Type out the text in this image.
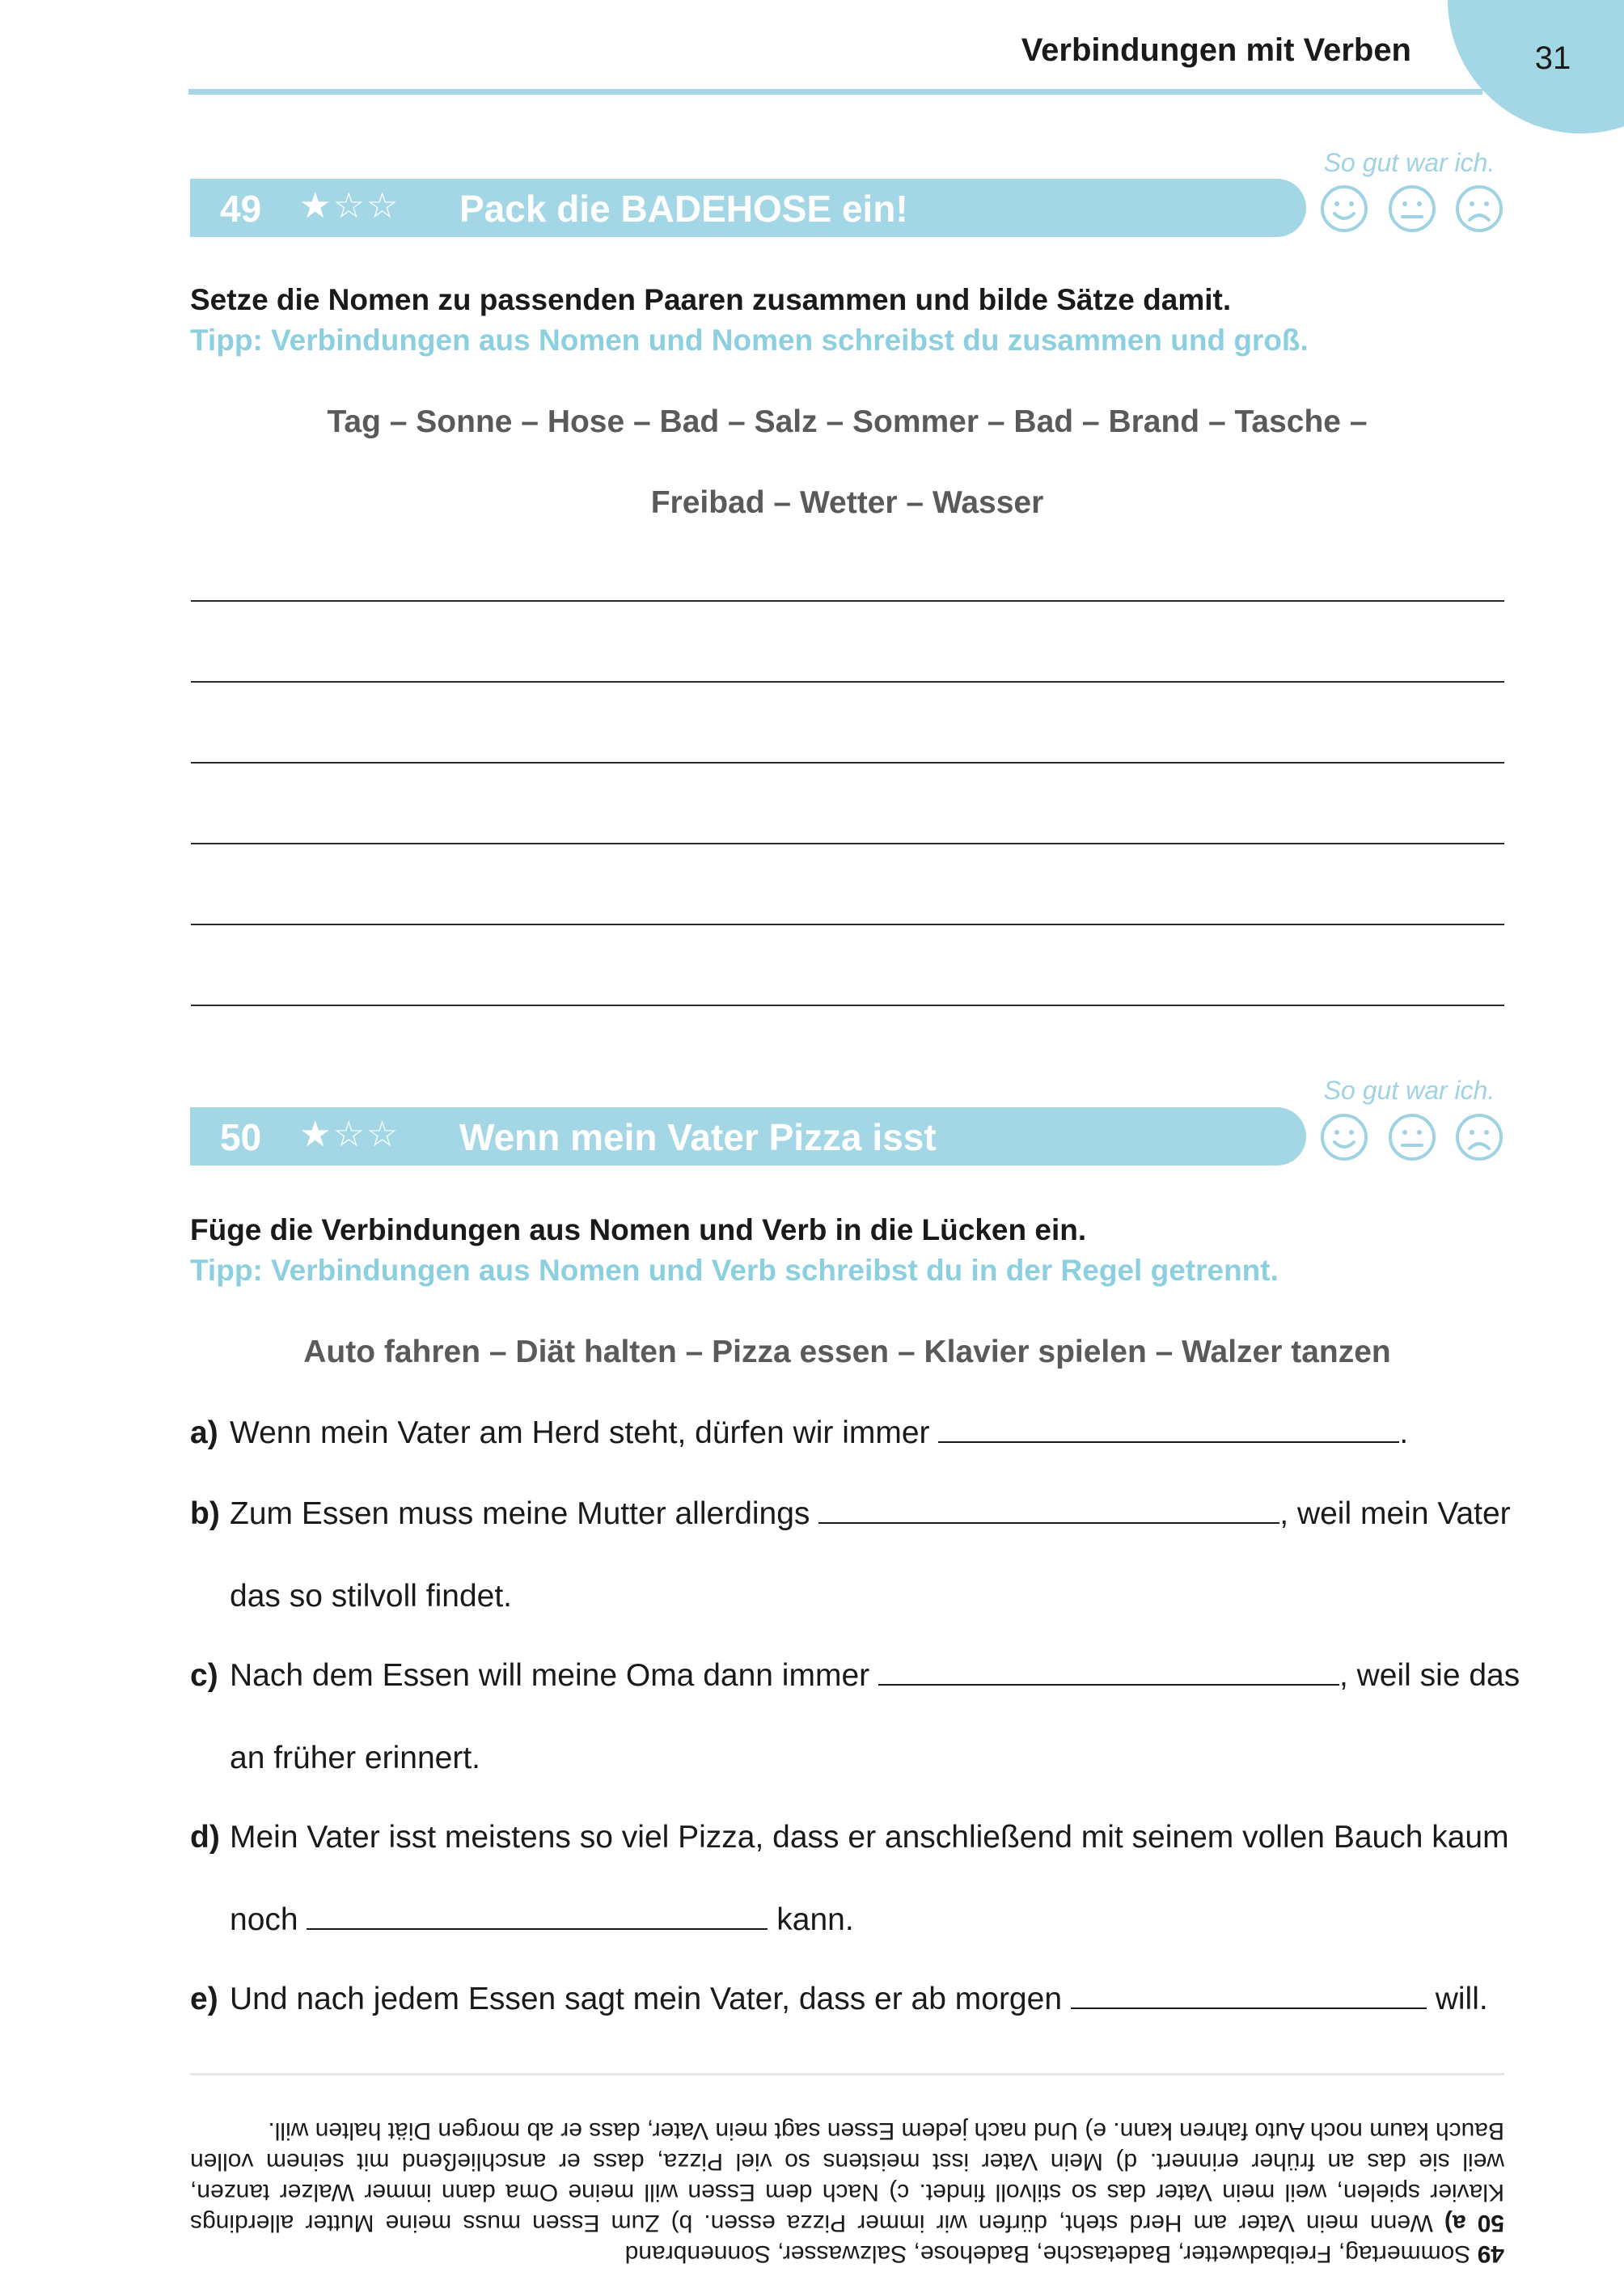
31
Verbindungen mit Verben
So gut war ich.
49 ★☆☆ Pack die BADEHOSE ein!
Setze die Nomen zu passenden Paaren zusammen und bilde Sätze damit.
Tipp: Verbindungen aus Nomen und Nomen schreibst du zusammen und groß.
Tag – Sonne – Hose – Bad – Salz – Sommer – Bad – Brand – Tasche –
Freibad – Wetter – Wasser
So gut war ich.
50 ★☆☆ Wenn mein Vater Pizza isst
Füge die Verbindungen aus Nomen und Verb in die Lücken ein.
Tipp: Verbindungen aus Nomen und Verb schreibst du in der Regel getrennt.
Auto fahren – Diät halten – Pizza essen – Klavier spielen – Walzer tanzen
a) Wenn mein Vater am Herd steht, dürfen wir immer	.
b) Zum Essen muss meine Mutter allerdings	, weil mein Vater
das so stilvoll findet.
c) Nach dem Essen will meine Oma dann immer	, weil sie das
an früher erinnert.
d) Mein Vater isst meistens so viel Pizza, dass er anschließend mit seinem vollen Bauch kaum
noch	kann.
e) Und nach jedem Essen sagt mein Vater, dass er ab morgen	will.
49 Sommertag, Freibadwetter, Badetasche, Badehose, Salzwasser, Sonnenbrand
50 a) Wenn mein Vater am Herd steht, dürfen wir immer Pizza essen. b) Zum Essen muss meine Mutter allerdings
Klavier spielen, weil mein Vater das so stilvoll findet. c) Nach dem Essen will meine Oma dann immer Walzer tanzen,
weil sie das an früher erinnert. d) Mein Vater isst meistens so viel Pizza, dass er anschließend mit seinem vollen
Bauch kaum noch Auto fahren kann. e) Und nach jedem Essen sagt mein Vater, dass er ab morgen Diät halten will.
